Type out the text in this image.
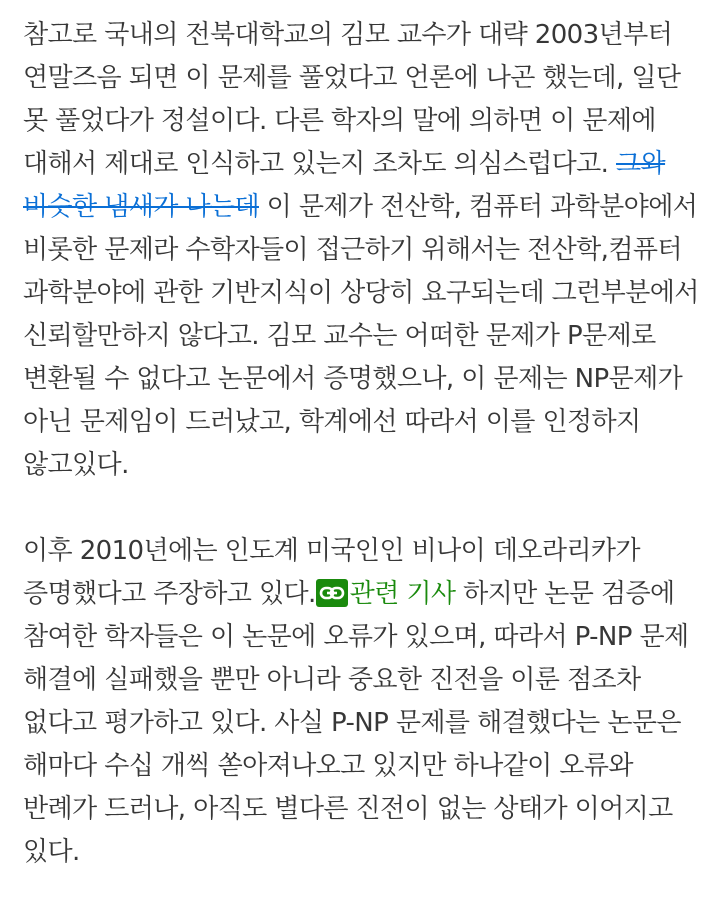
참고로 국내의 전북대학교의 김모 교수가 대략 2003년부터 연말즈음 되면 이 문제를 풀었다고 언론에 나곤 했는데, 일단 못 풀었다가 정설이다. 다른 학자의 말에 의하면 이 문제에 대해서 제대로 인식하고 있는지 조차도 의심스럽다고. 그와 비슷한 냄새가 나는데 이 문제가 전산학, 컴퓨터 과학분야에서 비롯한 문제라 수학자들이 접근하기 위해서는 전산학,컴퓨터 과학분야에 관한 기반지식이 상당히 요구되는데 그런부분에서 신뢰할만하지 않다고. 김모 교수는 어떠한 문제가 P문제로 변환될 수 없다고 논문에서 증명했으나, 이 문제는 NP문제가 아닌 문제임이 드러났고, 학계에선 따라서 이를 인정하지 않고있다.

이후 2010년에는 인도계 미국인인 비나이 데오라리카가 증명했다고 주장하고 있다. 관련 기사 하지만 논문 검증에 참여한 학자들은 이 논문에 오류가 있으며, 따라서 P-NP 문제 해결에 실패했을 뿐만 아니라 중요한 진전을 이룬 점조차 없다고 평가하고 있다. 사실 P-NP 문제를 해결했다는 논문은 해마다 수십 개씩 쏟아져나오고 있지만 하나같이 오류와 반례가 드러나, 아직도 별다른 진전이 없는 상태가 이어지고 있다.
